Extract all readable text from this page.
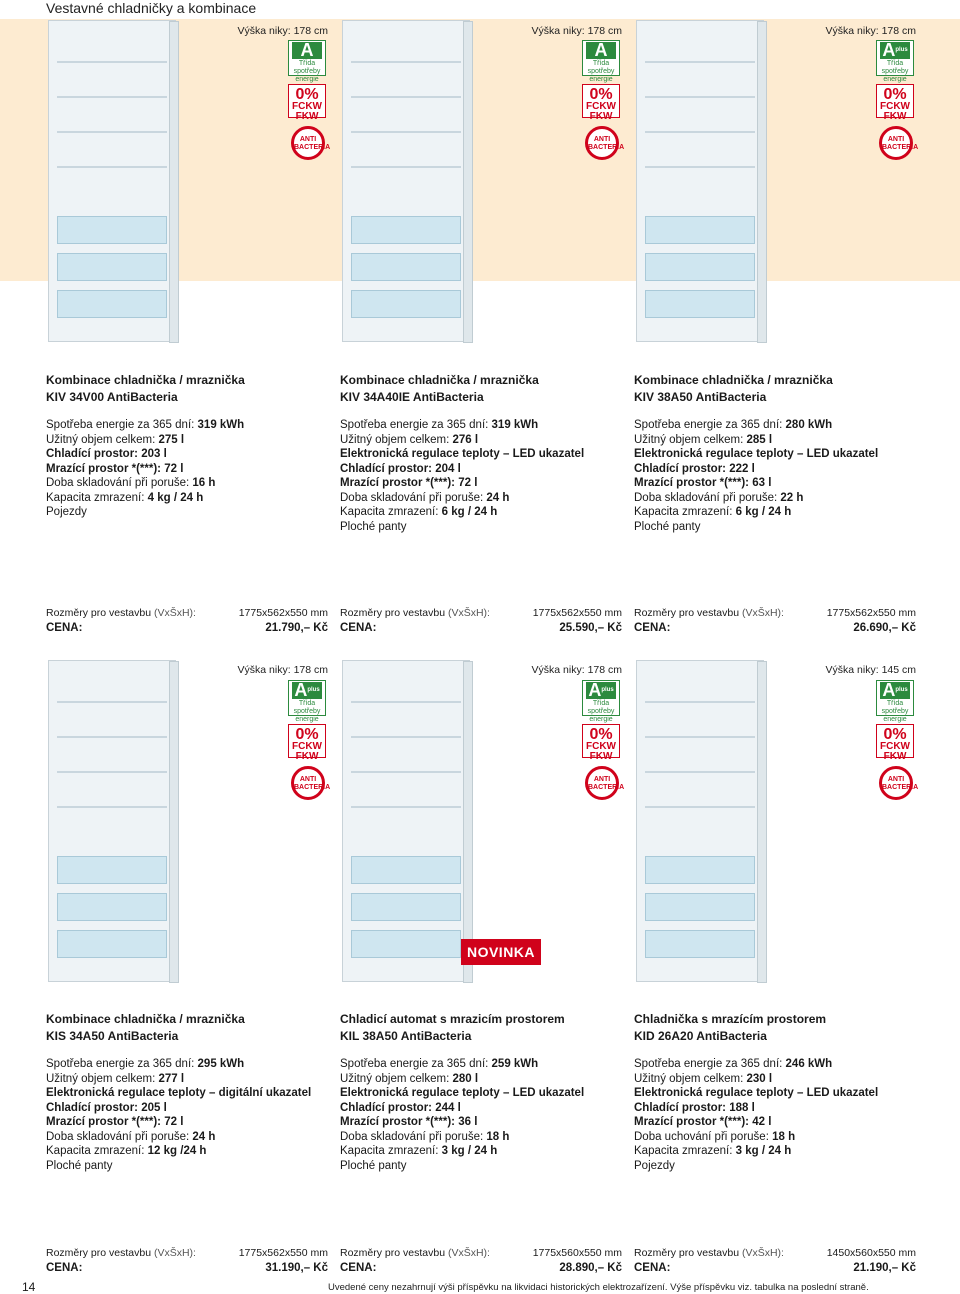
Vestavné chladničky a kombinace
Výška niky: 178 cm
A
Třída
spotřeby
energie
0%
FCKW
FKW
ANTI
BACTERIA
Kombinace chladnička / mraznička
KIV 34V00 AntiBacteria
Spotřeba energie za 365 dní: 319 kWh
Užitný objem celkem: 275 l
Chladící prostor: 203 l
Mrazící prostor *(***): 72 l
Doba skladování při poruše: 16 h
Kapacita zmrazení: 4 kg / 24 h
Pojezdy
Rozměry pro vestavbu (VxŠxH):	1775x562x550 mm
CENA:	21.790,– Kč
Výška niky: 178 cm
A
Třída
spotřeby
energie
0%
FCKW
FKW
ANTI
BACTERIA
Kombinace chladnička / mraznička
KIV 34A40IE AntiBacteria
Spotřeba energie za 365 dní: 319 kWh
Užitný objem celkem: 276 l
Elektronická regulace teploty – LED ukazatel
Chladící prostor: 204 l
Mrazící prostor *(***): 72 l
Doba skladování při poruše: 24 h
Kapacita zmrazení: 6 kg / 24 h
Ploché panty
Rozměry pro vestavbu (VxŠxH):	1775x562x550 mm
CENA:	25.590,– Kč
Výška niky: 178 cm
$A^{plus}$
Třída
spotřeby
energie
0%
FCKW
FKW
ANTI
BACTERIA
Kombinace chladnička / mraznička
KIV 38A50 AntiBacteria
Spotřeba energie za 365 dní: 280 kWh
Užitný objem celkem: 285 l
Elektronická regulace teploty – LED ukazatel
Chladící prostor: 222 l
Mrazící prostor *(***): 63 l
Doba skladování při poruše: 22 h
Kapacita zmrazení: 6 kg / 24 h
Ploché panty
Rozměry pro vestavbu (VxŠxH):	1775x562x550 mm
CENA:	26.690,– Kč
Výška niky: 178 cm
$A^{plus}$
Třída
spotřeby
energie
0%
FCKW
FKW
ANTI
BACTERIA
Kombinace chladnička / mraznička
KIS 34A50 AntiBacteria
Spotřeba energie za 365 dní: 295 kWh
Užitný objem celkem: 277 l
Elektronická regulace teploty – digitální ukazatel
Chladící prostor: 205 l
Mrazící prostor *(***): 72 l
Doba skladování při poruše: 24 h
Kapacita zmrazení: 12 kg /24 h
Ploché panty
Rozměry pro vestavbu (VxŠxH):	1775x562x550 mm
CENA:	31.190,– Kč
Výška niky: 178 cm
$A^{plus}$
Třída
spotřeby
energie
0%
FCKW
FKW
ANTI
BACTERIA
Chladicí automat s mrazicím prostorem
KIL 38A50 AntiBacteria
Spotřeba energie za 365 dní: 259 kWh
Užitný objem celkem: 280 l
Elektronická regulace teploty – LED ukazatel
Chladící prostor: 244 l
Mrazící prostor *(***): 36 l
Doba skladování při poruše: 18 h
Kapacita zmrazení: 3 kg / 24 h
Ploché panty
Rozměry pro vestavbu (VxŠxH):	1775x560x550 mm
CENA:	28.890,– Kč
Výška niky: 145 cm
$A^{plus}$
Třída
spotřeby
energie
0%
FCKW
FKW
ANTI
BACTERIA
Chladnička s mrazícím prostorem
KID 26A20 AntiBacteria
Spotřeba energie za 365 dní: 246 kWh
Užitný objem celkem: 230 l
Elektronická regulace teploty – LED ukazatel
Chladící prostor: 188 l
Mrazící prostor *(***): 42 l
Doba uchování při poruše: 18 h
Kapacita zmrazení: 3 kg / 24 h
Pojezdy
Rozměry pro vestavbu (VxŠxH):	1450x560x550 mm
CENA:	21.190,– Kč
NOVINKA
14	Uvedené ceny nezahrnují výši příspěvku na likvidaci historických elektrozařízení. Výše příspěvku viz. tabulka na poslední straně.
